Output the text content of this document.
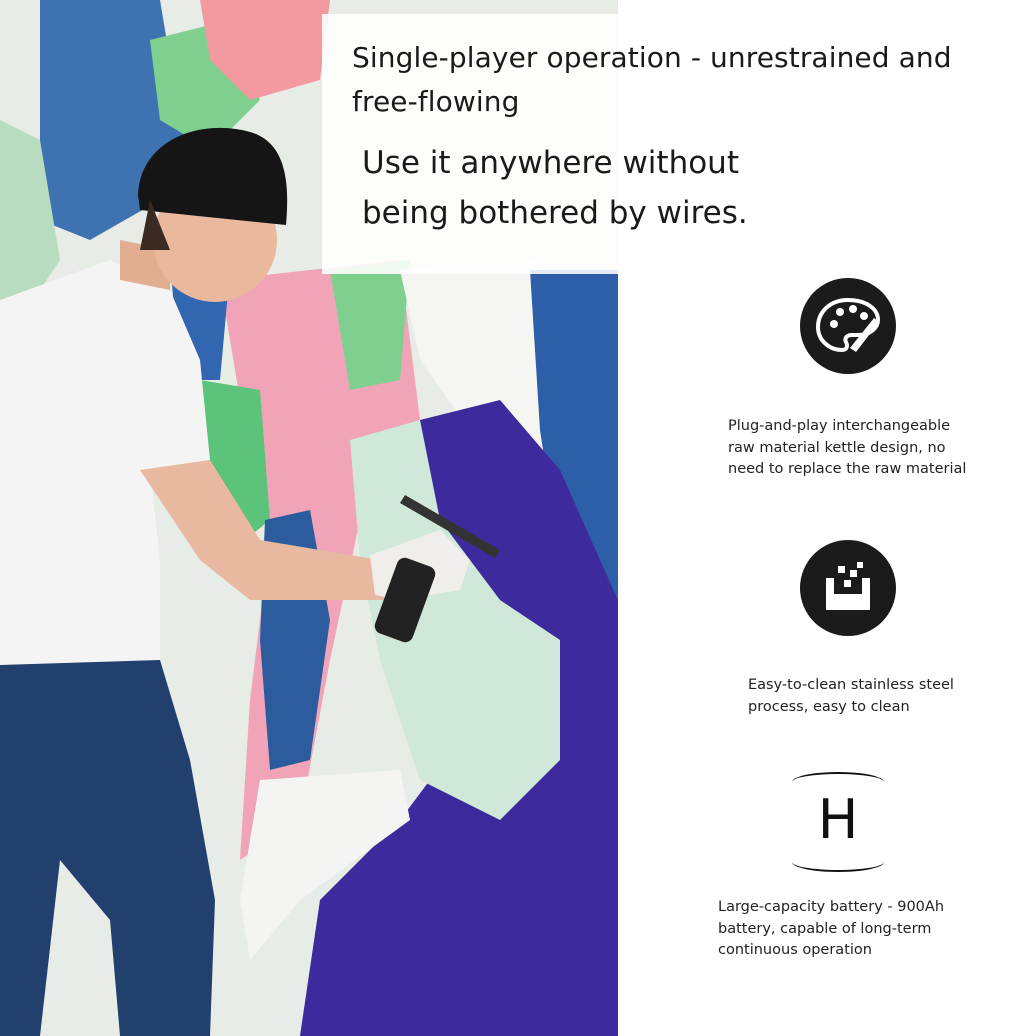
Single-player operation - unrestrained and free-flowing

Use it anywhere without being bothered by wires.

Plug-and-play interchangeable raw material kettle design, no need to replace the raw material

Easy-to-clean stainless steel process, easy to clean

H

Large-capacity battery - 900Ah battery, capable of long-term continuous operation
